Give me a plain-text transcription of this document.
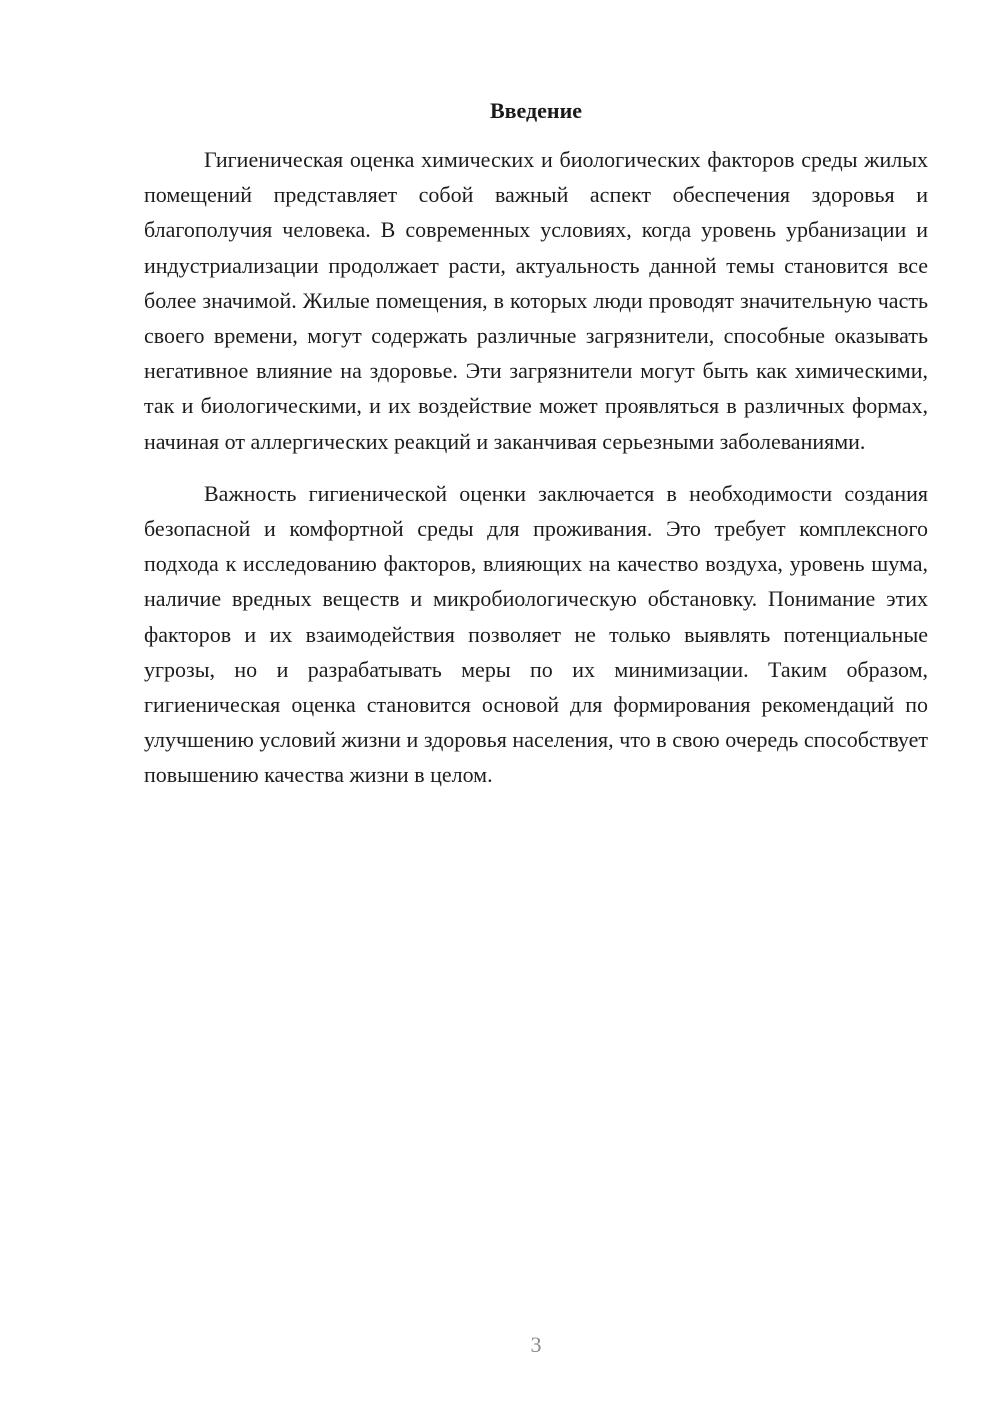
Введение

Гигиеническая оценка химических и биологических факторов среды жилых помещений представляет собой важный аспект обеспечения здоровья и благополучия человека. В современных условиях, когда уровень урбанизации и индустриализации продолжает расти, актуальность данной темы становится все более значимой. Жилые помещения, в которых люди проводят значительную часть своего времени, могут содержать различные загрязнители, способные оказывать негативное влияние на здоровье. Эти загрязнители могут быть как химическими, так и биологическими, и их воздействие может проявляться в различных формах, начиная от аллергических реакций и заканчивая серьезными заболеваниями.

Важность гигиенической оценки заключается в необходимости создания безопасной и комфортной среды для проживания. Это требует комплексного подхода к исследованию факторов, влияющих на качество воздуха, уровень шума, наличие вредных веществ и микробиологическую обстановку. Понимание этих факторов и их взаимодействия позволяет не только выявлять потенциальные угрозы, но и разрабатывать меры по их минимизации. Таким образом, гигиеническая оценка становится основой для формирования рекомендаций по улучшению условий жизни и здоровья населения, что в свою очередь способствует повышению качества жизни в целом.

3
